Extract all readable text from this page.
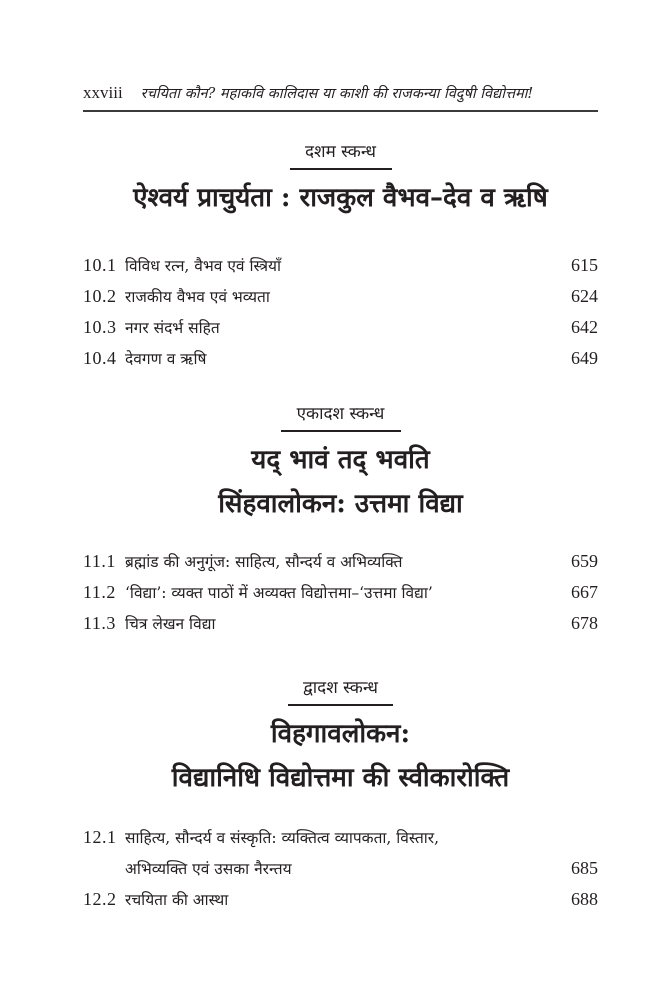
xxviii रचयिता कौन? महाकवि कालिदास या काशी की राजकन्या विदुषी विद्योत्तमा!
दशम स्कन्ध
ऐश्वर्य प्राचुर्यता : राजकुल वैभव–देव व ऋषि
10.1 विविध रत्न, वैभव एवं स्त्रियाँ	615
10.2 राजकीय वैभव एवं भव्यता	624
10.3 नगर संदर्भ सहित	642
10.4 देवगण व ऋषि	649
एकादश स्कन्ध
यद् भावं तद् भवति
सिंहवालोकन: उत्तमा विद्या
11.1 ब्रह्मांड की अनुगूंज: साहित्य, सौन्दर्य व अभिव्यक्ति	659
11.2 ‘विद्या’: व्यक्त पाठों में अव्यक्त विद्योत्तमा–‘उत्तमा विद्या’	667
11.3 चित्र लेखन विद्या	678
द्वादश स्कन्ध
विहगावलोकन:
विद्यानिधि विद्योत्तमा की स्वीकारोक्ति
12.1 साहित्य, सौन्दर्य व संस्कृति: व्यक्तित्व व्यापकता, विस्तार,
अभिव्यक्ति एवं उसका नैरन्तय	685
12.2 रचयिता की आस्था	688
